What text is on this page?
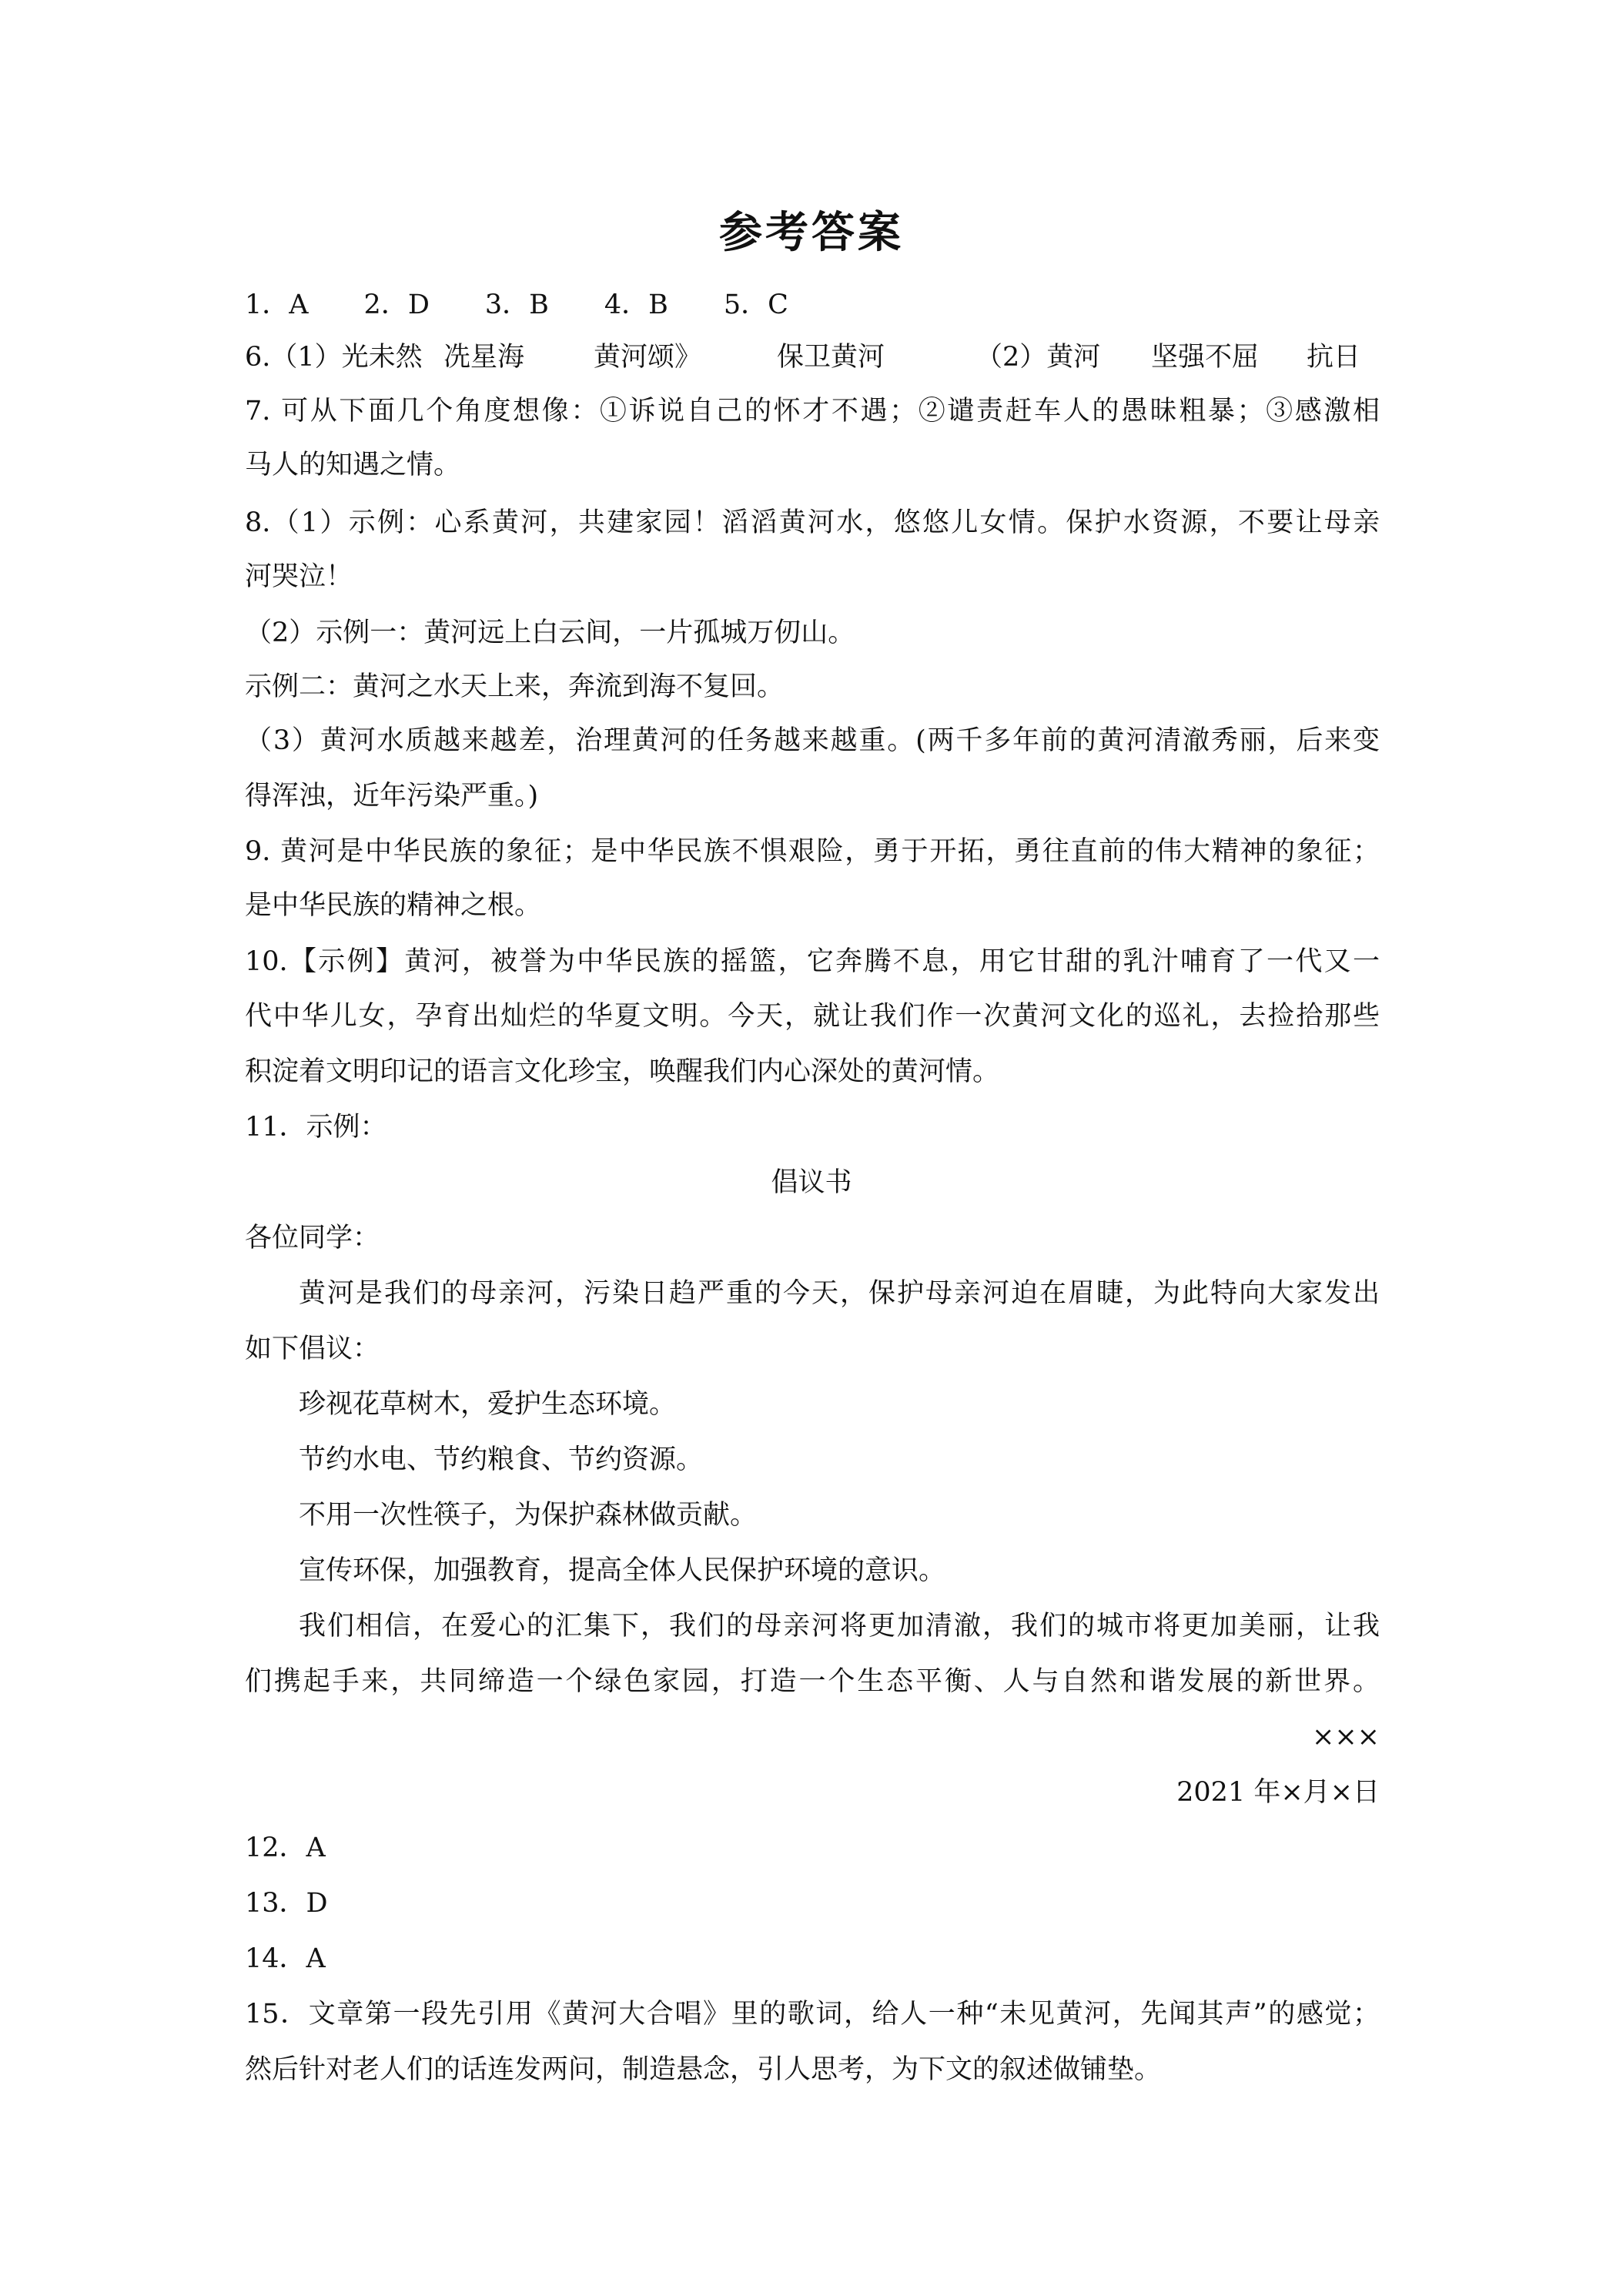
参考答案
1．A 2．D 3．B 4．B 5．C
6.（1）光未然 冼星海	黄河颂》	保卫黄河	（2）黄河 坚强不屈 抗日
7. 可从下面几个角度想像：①诉说自己的怀才不遇；②谴责赶车人的愚昧粗暴；③感激相
马人的知遇之情。
8.（1）示例：心系黄河，共建家园！滔滔黄河水，悠悠儿女情。保护水资源，不要让母亲
河哭泣！
（2）示例一：黄河远上白云间，一片孤城万仞山。
示例二：黄河之水天上来，奔流到海不复回。
（3）黄河水质越来越差，治理黄河的任务越来越重。(两千多年前的黄河清澈秀丽，后来变
得浑浊，近年污染严重。)
9. 黄河是中华民族的象征；是中华民族不惧艰险，勇于开拓，勇往直前的伟大精神的象征；
是中华民族的精神之根。
10.【示例】黄河，被誉为中华民族的摇篮，它奔腾不息，用它甘甜的乳汁哺育了一代又一
代中华儿女，孕育出灿烂的华夏文明。今天，就让我们作一次黄河文化的巡礼，去捡拾那些
积淀着文明印记的语言文化珍宝，唤醒我们内心深处的黄河情。
11．示例：
倡议书
各位同学：
黄河是我们的母亲河，污染日趋严重的今天，保护母亲河迫在眉睫，为此特向大家发出
如下倡议：
珍视花草树木，爱护生态环境。
节约水电、节约粮食、节约资源。
不用一次性筷子，为保护森林做贡献。
宣传环保，加强教育，提高全体人民保护环境的意识。
我们相信，在爱心的汇集下，我们的母亲河将更加清澈，我们的城市将更加美丽，让我
们携起手来，共同缔造一个绿色家园，打造一个生态平衡、人与自然和谐发展的新世界。
×××
2021 年×月×日
12．A
13．D
14．A
15．文章第一段先引用《黄河大合唱》里的歌词，给人一种“未见黄河，先闻其声”的感觉；
然后针对老人们的话连发两问，制造悬念，引人思考，为下文的叙述做铺垫。
